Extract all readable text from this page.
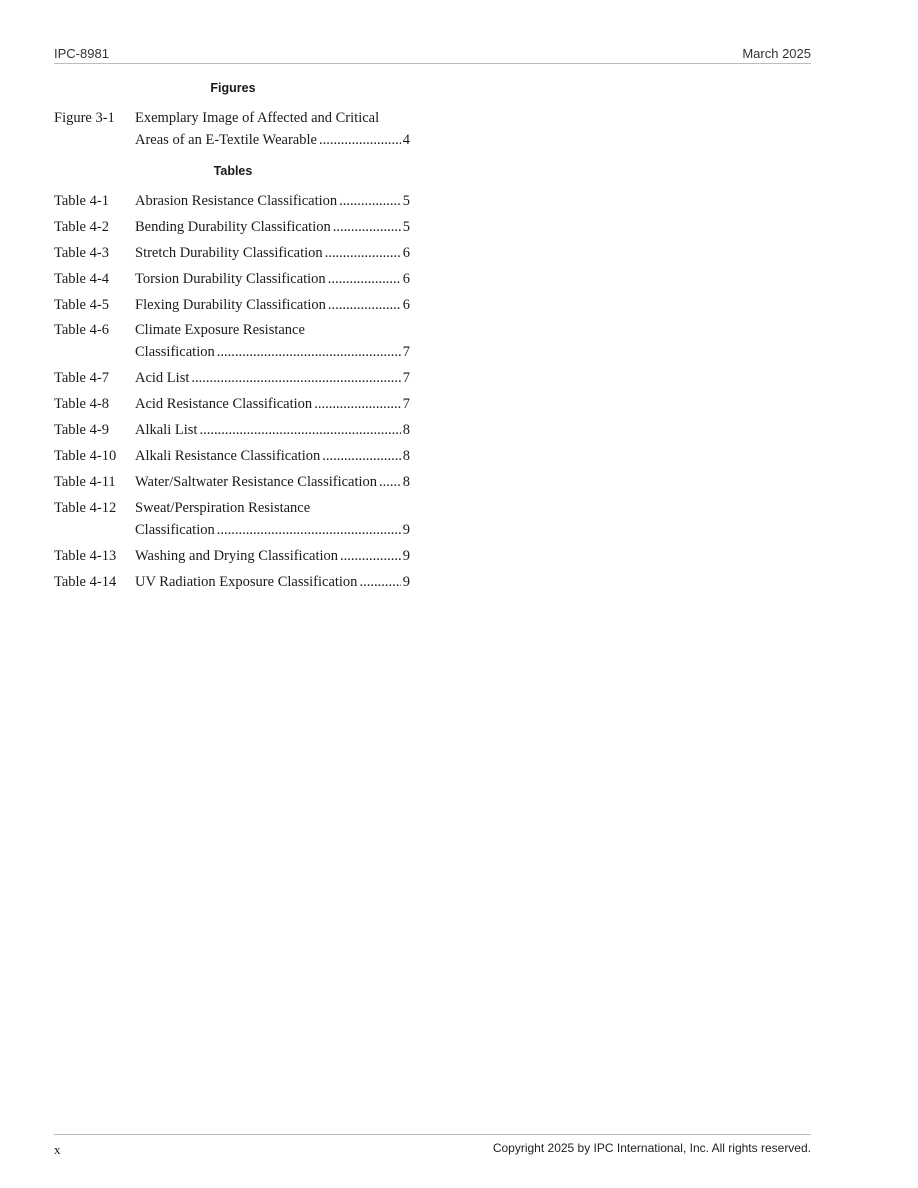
IPC-8981	March 2025
Figures
Figure 3-1 Exemplary Image of Affected and Critical
Areas of an E-Textile Wearable .....	4
Tables
Table 4-1 Abrasion Resistance Classification .....	5
Table 4-2 Bending Durability Classification .....	5
Table 4-3 Stretch Durability Classification .....	6
Table 4-4 Torsion Durability Classification .....	6
Table 4-5 Flexing Durability Classification .....	6
Table 4-6 Climate Exposure Resistance
Classification .....	7
Table 4-7 Acid List .....	7
Table 4-8 Acid Resistance Classification .....	7
Table 4-9 Alkali List .....	8
Table 4-10 Alkali Resistance Classification .....	8
Table 4-11 Water/Saltwater Resistance Classification ..... 8
Table 4-12 Sweat/Perspiration Resistance
Classification .....	9
Table 4-13 Washing and Drying Classification .....	9
Table 4-14 UV Radiation Exposure Classification .....	9
x	Copyright 2025 by IPC International, Inc. All rights reserved.
